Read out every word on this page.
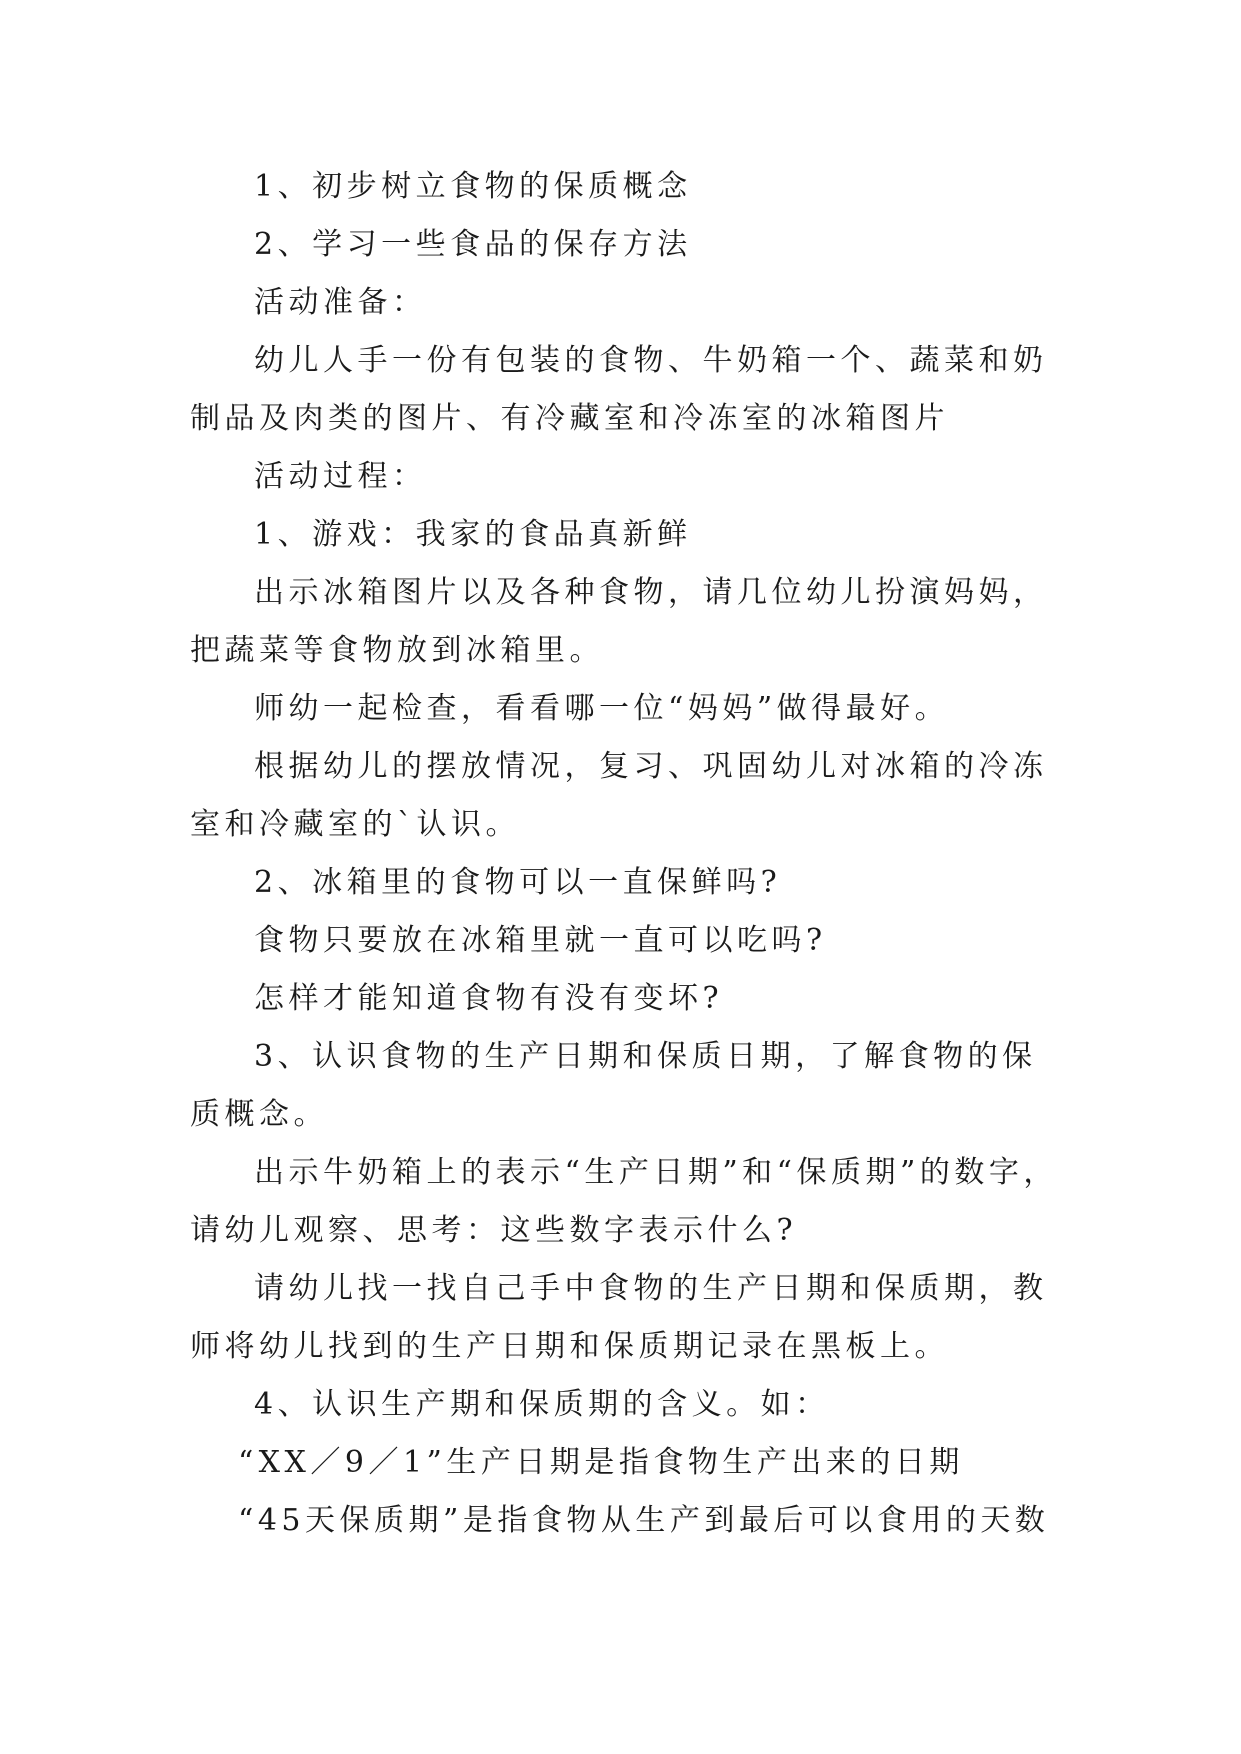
1、初步树立食物的保质概念

2、学习一些食品的保存方法

活动准备：

幼儿人手一份有包装的食物、牛奶箱一个、蔬菜和奶制品及肉类的图片、有冷藏室和冷冻室的冰箱图片

活动过程：

1、游戏：我家的食品真新鲜

出示冰箱图片以及各种食物，请几位幼儿扮演妈妈，把蔬菜等食物放到冰箱里。

师幼一起检查，看看哪一位“妈妈”做得最好。

根据幼儿的摆放情况，复习、巩固幼儿对冰箱的冷冻室和冷藏室的`认识。

2、冰箱里的食物可以一直保鲜吗?

食物只要放在冰箱里就一直可以吃吗?

怎样才能知道食物有没有变坏?

3、认识食物的生产日期和保质日期，了解食物的保质概念。

出示牛奶箱上的表示“生产日期”和“保质期”的数字，请幼儿观察、思考：这些数字表示什么?

请幼儿找一找自己手中食物的生产日期和保质期，教师将幼儿找到的生产日期和保质期记录在黑板上。

4、认识生产期和保质期的含义。如：

“XX／9／1”生产日期是指食物生产出来的日期

“45天保质期”是指食物从生产到最后可以食用的天数
